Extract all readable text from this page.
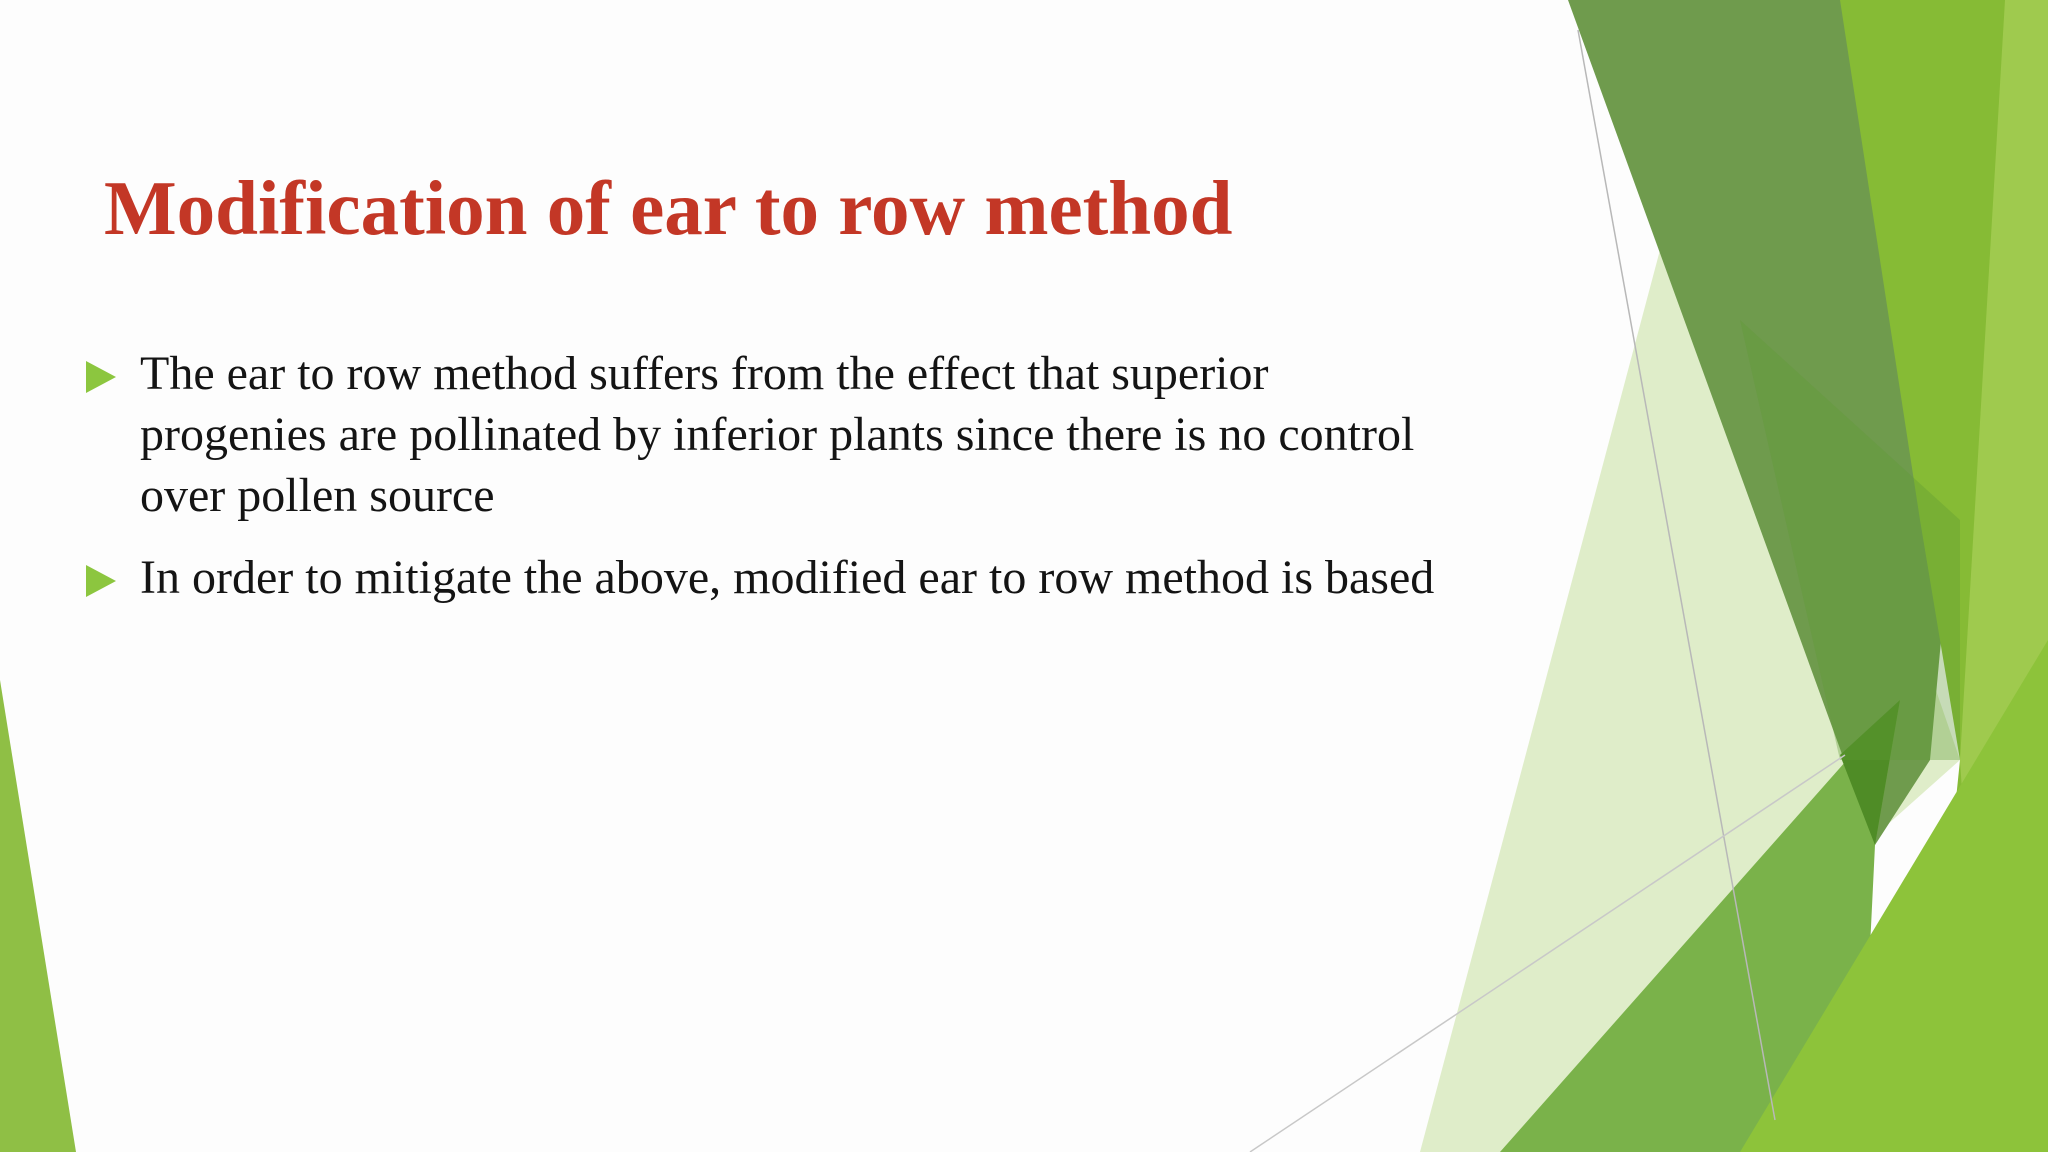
Modification of ear to row method
The ear to row method suffers from the effect that superior progenies are pollinated by inferior plants since there is no control over pollen source
In order to mitigate the above, modified ear to row method is based
